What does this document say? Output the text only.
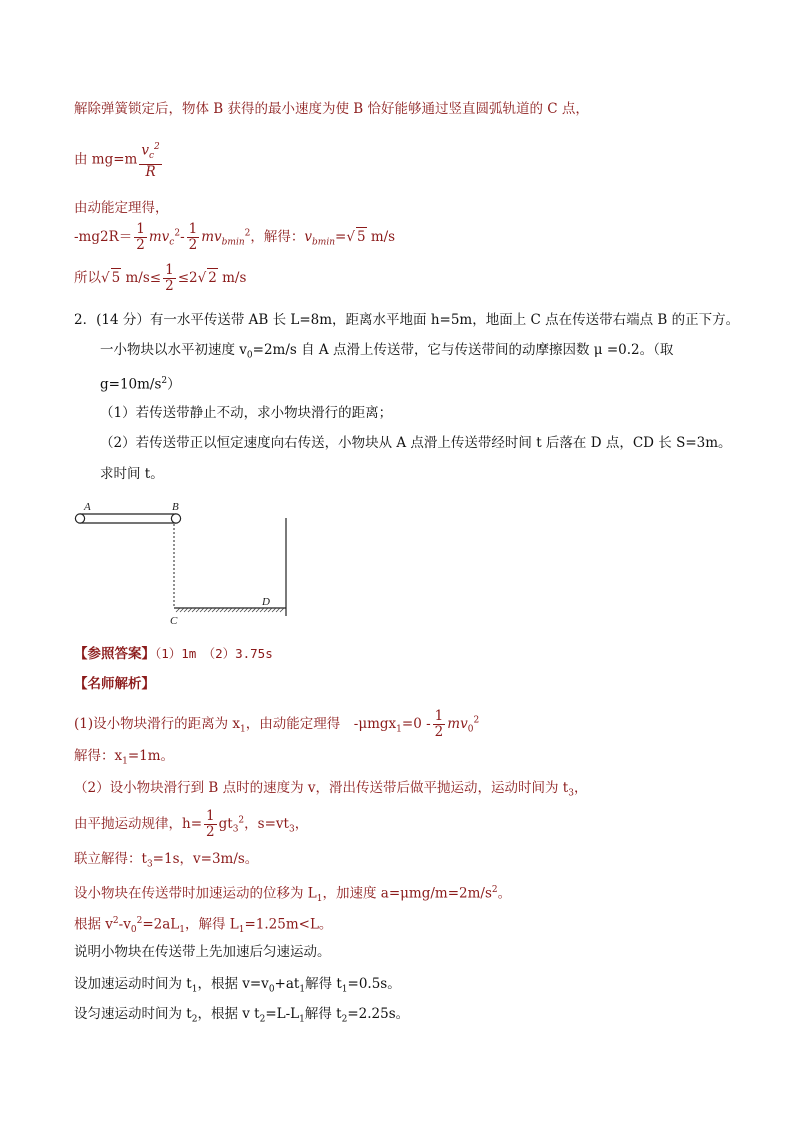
解除弹簧锁定后，物体 B 获得的最小速度为使 B 恰好能够通过竖直圆弧轨道的 C 点，
由 $mg=m \frac{v_c^2}{R}$
由动能定理得，
$-mg2R= \frac{1}{2} mv_c^2- \frac{1}{2} mv_{bmin}^2$，解得：$v_{bmin}=√$ 5 m/s
所以√ 5 $m/s\le \frac{1}{2} \le 2√$ 2 m/s
2．(14 分）有一水平传送带 AB 长 L=8m，距离水平地面 h=5m，地面上 C 点在传送带右端点 B 的正下方。
一小物块以水平初速度 $v_0=2m/s$ 自 A 点滑上传送带，它与传送带间的动摩擦因数 μ =0.2。（取
$g=10m/s^2$）
（1）若传送带静止不动，求小物块滑行的距离；
（2）若传送带正以恒定速度向右传送，小物块从 A 点滑上传送带经时间 t 后落在 D 点，CD 长 S=3m。
求时间 t。
A	B
C
D
【参照答案】（1）1m　（2）3.75s
【名师解析】
(1)设小物块滑行的距离为 $x_1$，由动能定理得　$-\mu mgx_1=0 - \frac{1}{2} mv_0^2$
解得：$x_1=1m$。
（2）设小物块滑行到 B 点时的速度为 v，滑出传送带后做平抛运动，运动时间为 $t_3$，
由平抛运动规律，$h= \frac{1}{2} gt_3^2$，$s=vt_3$，
联立解得：$t_3=1s$，v=3m/s。
设小物块在传送带时加速运动的位移为 $L_1$，加速度 $a=\mu mg/m=2m/s^2$。
根据 $v^2-v_0^2=2aL_1$，解得 $L_1=1.25m<L$。
说明小物块在传送带上先加速后匀速运动。
设加速运动时间为 $t_1$，根据 $v=v_0+at_1$解得 $t_1=0.5s$。
设匀速运动时间为 $t_2$，根据 v $t_2=L-L_1$解得 $t_2=2.25s$。
